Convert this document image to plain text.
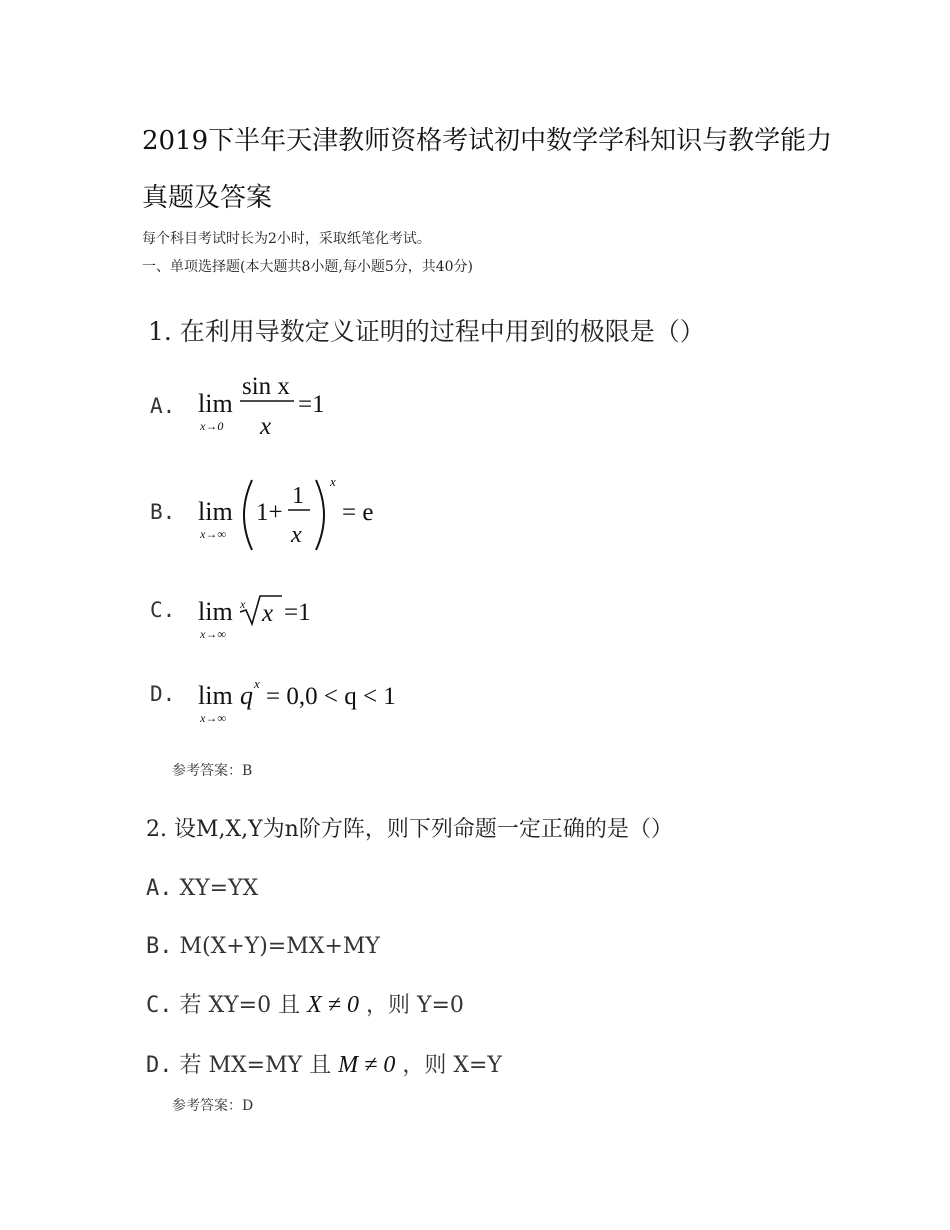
2019下半年天津教师资格考试初中数学学科知识与教学能力
真题及答案
每个科目考试时长为2小时，采取纸笔化考试。
一、单项选择题(本大题共8小题,每小题5分，共40分)
1. 在利用导数定义证明的过程中用到的极限是（）
A. lim
x→0
sin x
x
=1
B. lim
x→∞
1+
1
x
x
= e
C. lim
x→∞
x x =1
D. lim
x→∞
q x = 0,0 < q < 1
参考答案：B
2. 设M,X,Y为n阶方阵，则下列命题一定正确的是（）
A. XY=YX
B. M(X+Y)=MX+MY
C. 若 XY=0 且 X ≠ 0 ，则 Y=0
D. 若 MX=MY 且 M ≠ 0 ，则 X=Y
参考答案：D
